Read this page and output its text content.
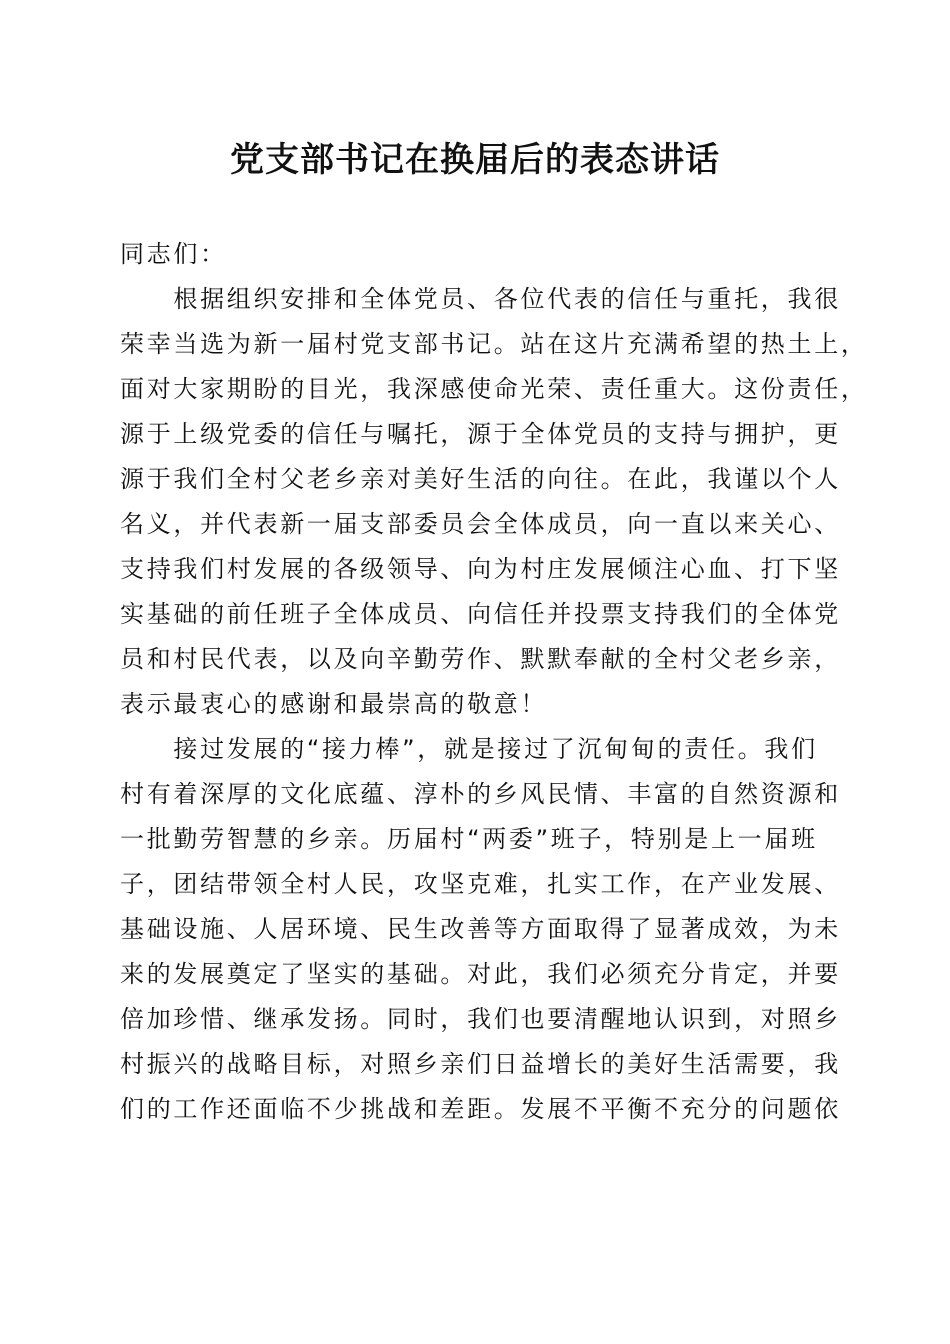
党支部书记在换届后的表态讲话
同志们：
　　根据组织安排和全体党员、各位代表的信任与重托，我很
荣幸当选为新一届村党支部书记。站在这片充满希望的热土上，
面对大家期盼的目光，我深感使命光荣、责任重大。这份责任，
源于上级党委的信任与嘱托，源于全体党员的支持与拥护，更
源于我们全村父老乡亲对美好生活的向往。在此，我谨以个人
名义，并代表新一届支部委员会全体成员，向一直以来关心、
支持我们村发展的各级领导、向为村庄发展倾注心血、打下坚
实基础的前任班子全体成员、向信任并投票支持我们的全体党
员和村民代表，以及向辛勤劳作、默默奉献的全村父老乡亲，
表示最衷心的感谢和最崇高的敬意！
　　接过发展的“接力棒”，就是接过了沉甸甸的责任。我们
村有着深厚的文化底蕴、淳朴的乡风民情、丰富的自然资源和
一批勤劳智慧的乡亲。历届村“两委”班子，特别是上一届班
子，团结带领全村人民，攻坚克难，扎实工作，在产业发展、
基础设施、人居环境、民生改善等方面取得了显著成效，为未
来的发展奠定了坚实的基础。对此，我们必须充分肯定，并要
倍加珍惜、继承发扬。同时，我们也要清醒地认识到，对照乡
村振兴的战略目标，对照乡亲们日益增长的美好生活需要，我
们的工作还面临不少挑战和差距。发展不平衡不充分的问题依
